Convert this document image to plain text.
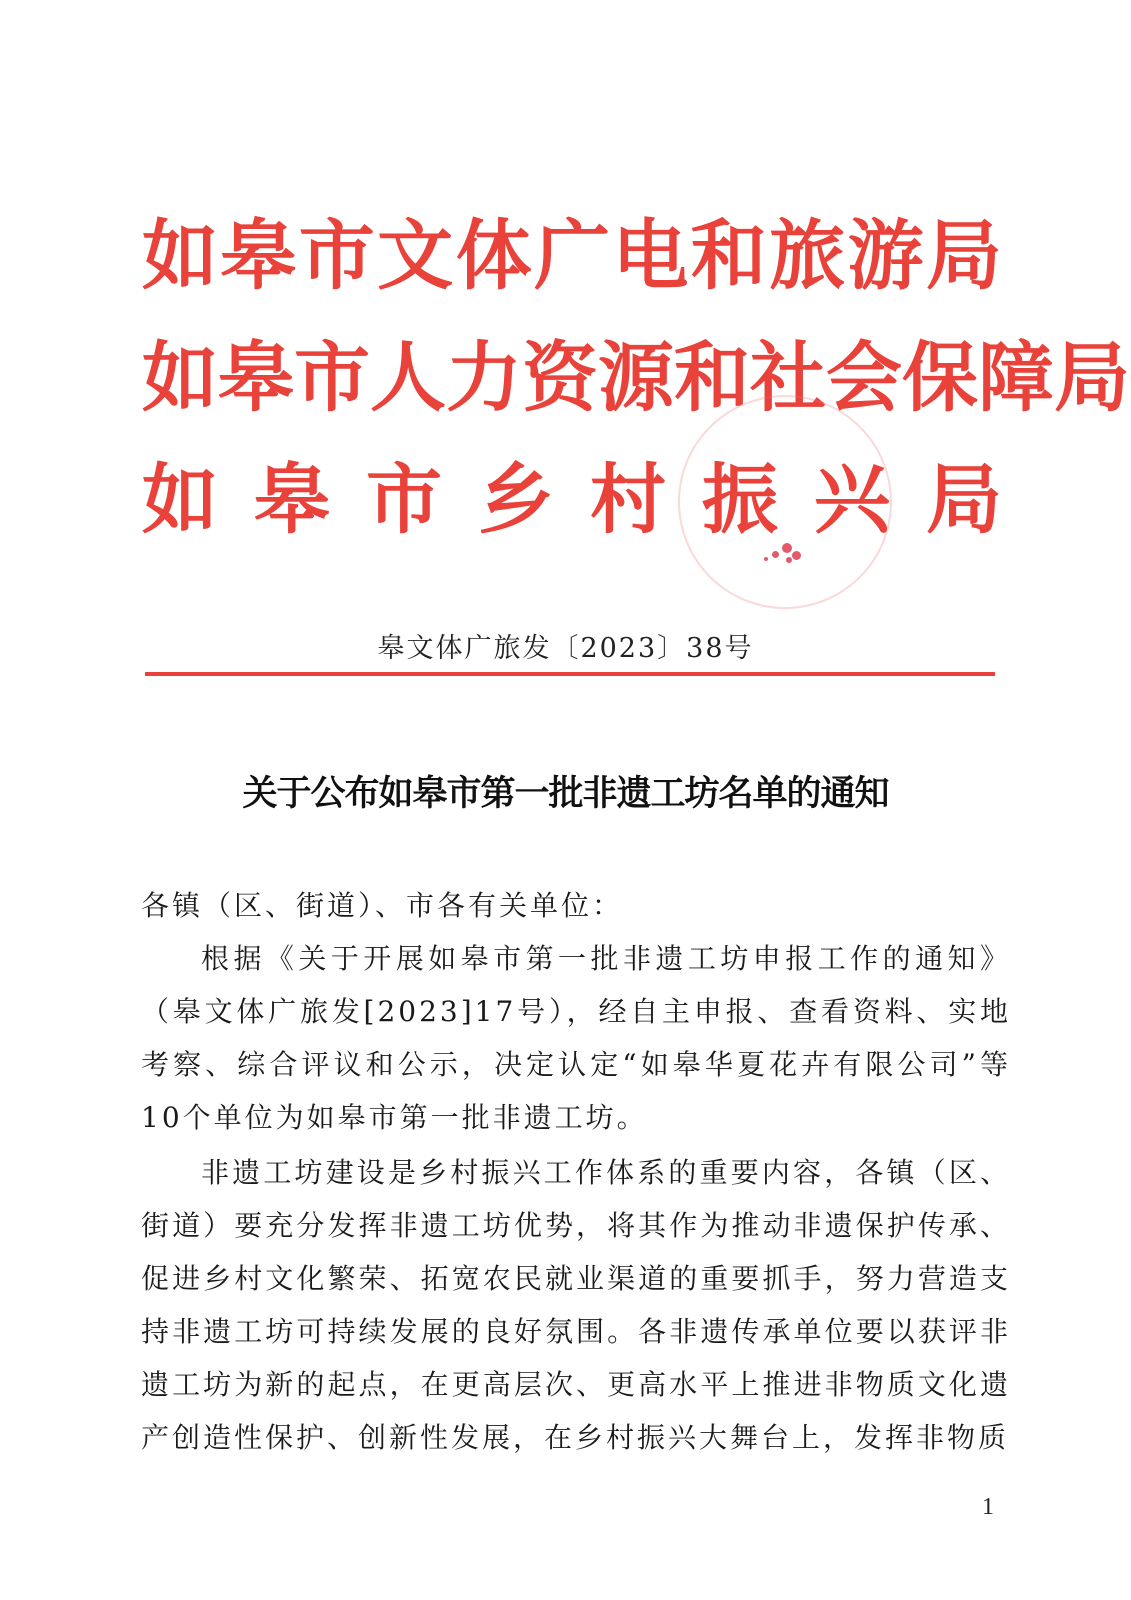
如 皋 市 文 体 广 电 和 旅 游 局
如 皋 市 人 力 资 源 和 社 会 保 障 局
如 皋 市 乡 村 振 兴 局
皋文体广旅发〔2023〕38号
关于公布如皋市第一批非遗工坊名单的通知
各镇（区、街道）、市各有关单位：
根据《关于开展如皋市第一批非遗工坊申报工作的通知》（皋文体广旅发[2023]17号），经自主申报、查看资料、实地考察、综合评议和公示，决定认定“如皋华夏花卉有限公司”等10个单位为如皋市第一批非遗工坊。
非遗工坊建设是乡村振兴工作体系的重要内容，各镇（区、街道）要充分发挥非遗工坊优势，将其作为推动非遗保护传承、促进乡村文化繁荣、拓宽农民就业渠道的重要抓手，努力营造支持非遗工坊可持续发展的良好氛围。各非遗传承单位要以获评非遗工坊为新的起点，在更高层次、更高水平上推进非物质文化遗产创造性保护、创新性发展，在乡村振兴大舞台上，发挥非物质
1
